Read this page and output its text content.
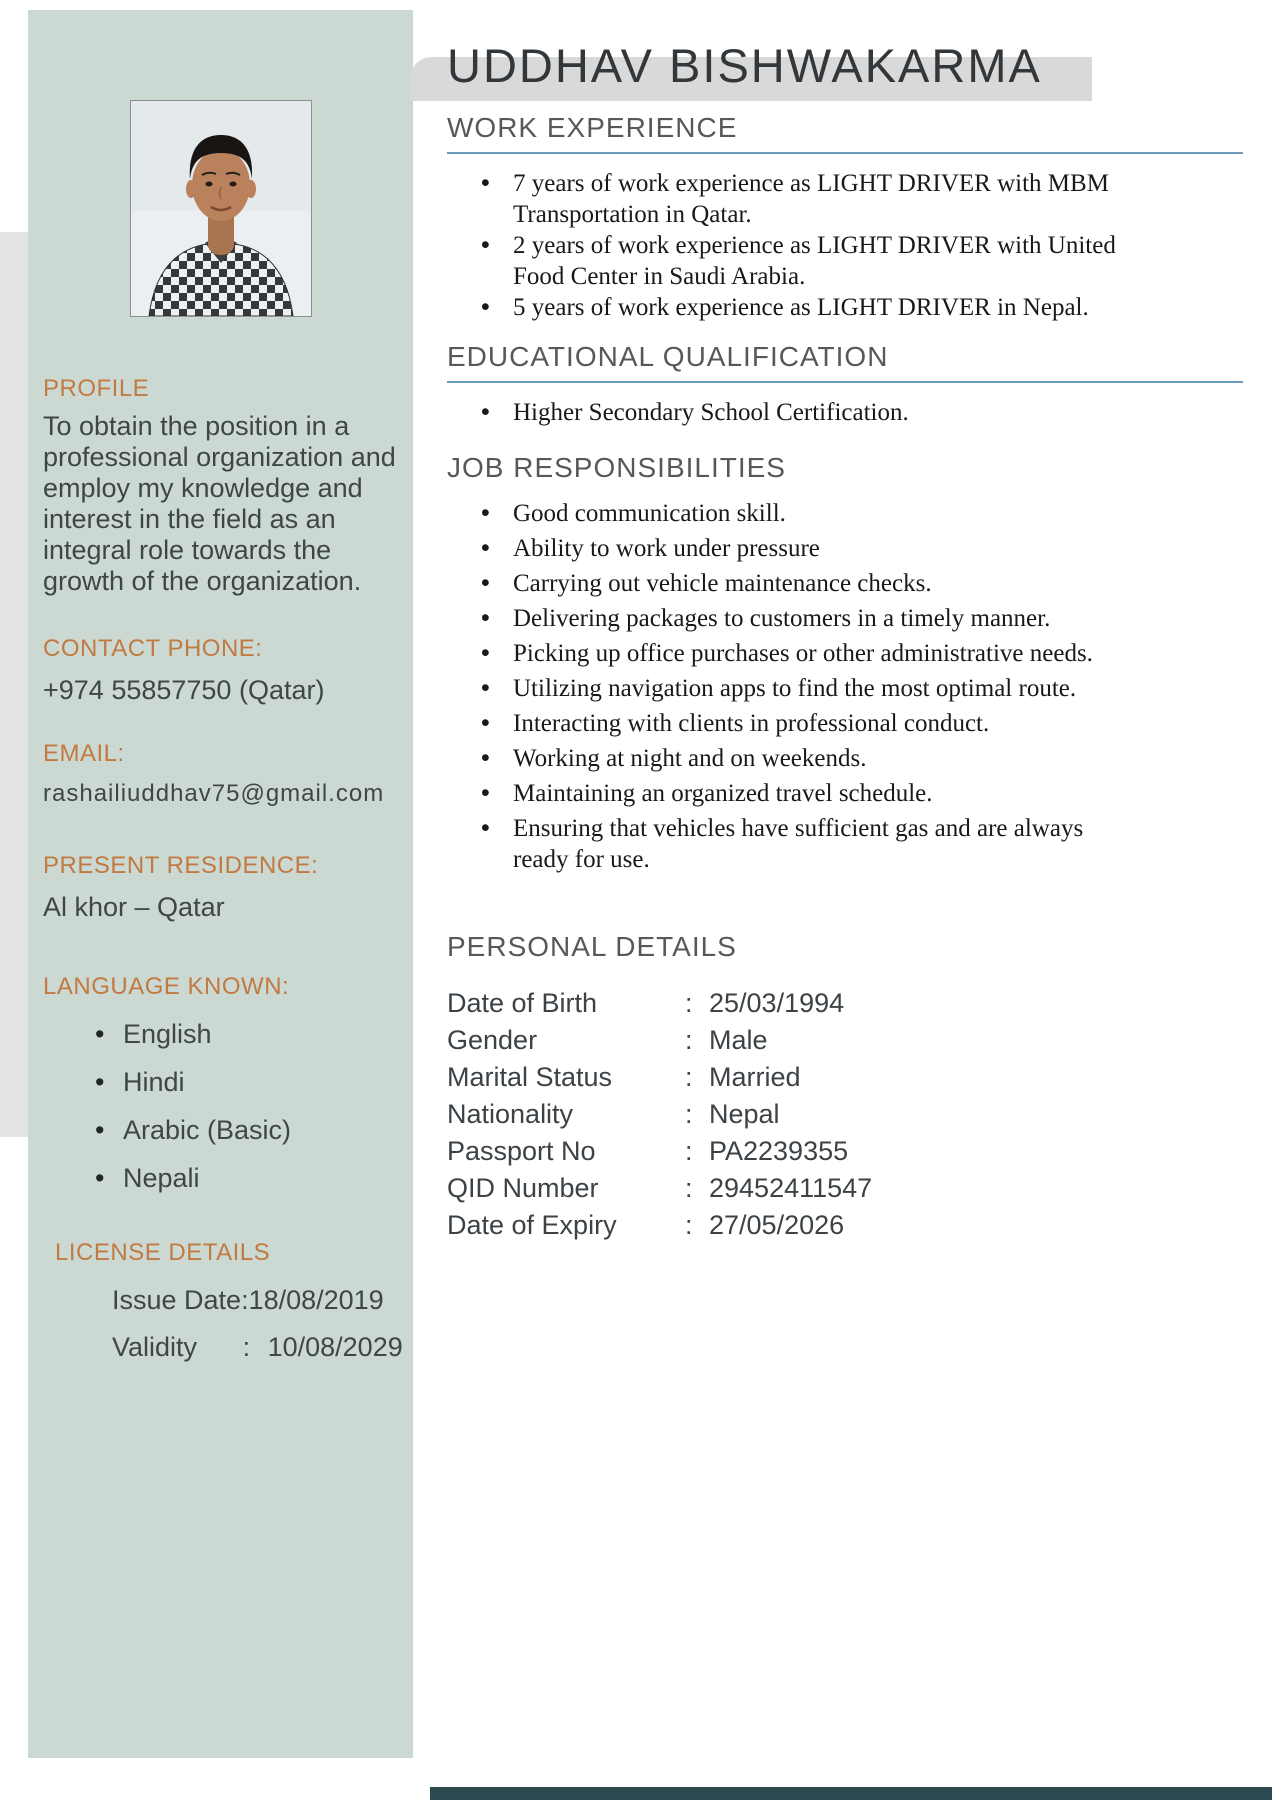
PROFILE

To obtain the position in a professional organization and employ my knowledge and interest in the field as an integral role towards the growth of the organization.

CONTACT PHONE:

+974 55857750 (Qatar)

EMAIL:

rashailiuddhav75@gmail.com

PRESENT RESIDENCE:

Al khor – Qatar

LANGUAGE KNOWN:
• English
• Hindi
• Arabic (Basic)
• Nepali
LICENSE DETAILS

Issue Date:18/08/2019

Validity : 10/08/2029

UDDHAV BISHWAKARMA
WORK EXPERIENCE
• 7 years of work experience as LIGHT DRIVER with MBM Transportation in Qatar.
• 2 years of work experience as LIGHT DRIVER with United Food Center in Saudi Arabia.
• 5 years of work experience as LIGHT DRIVER in Nepal.
EDUCATIONAL QUALIFICATION
• Higher Secondary School Certification.
JOB RESPONSIBILITIES
• Good communication skill.
• Ability to work under pressure
• Carrying out vehicle maintenance checks.
• Delivering packages to customers in a timely manner.
• Picking up office purchases or other administrative needs.
• Utilizing navigation apps to find the most optimal route.
• Interacting with clients in professional conduct.
• Working at night and on weekends.
• Maintaining an organized travel schedule.
• Ensuring that vehicles have sufficient gas and are always ready for use.
PERSONAL DETAILS
Date of Birth	: 25/03/1994
Gender	: Male
Marital Status	: Married
Nationality	: Nepal
Passport No	: PA2239355
QID Number	: 29452411547
Date of Expiry	: 27/05/2026
